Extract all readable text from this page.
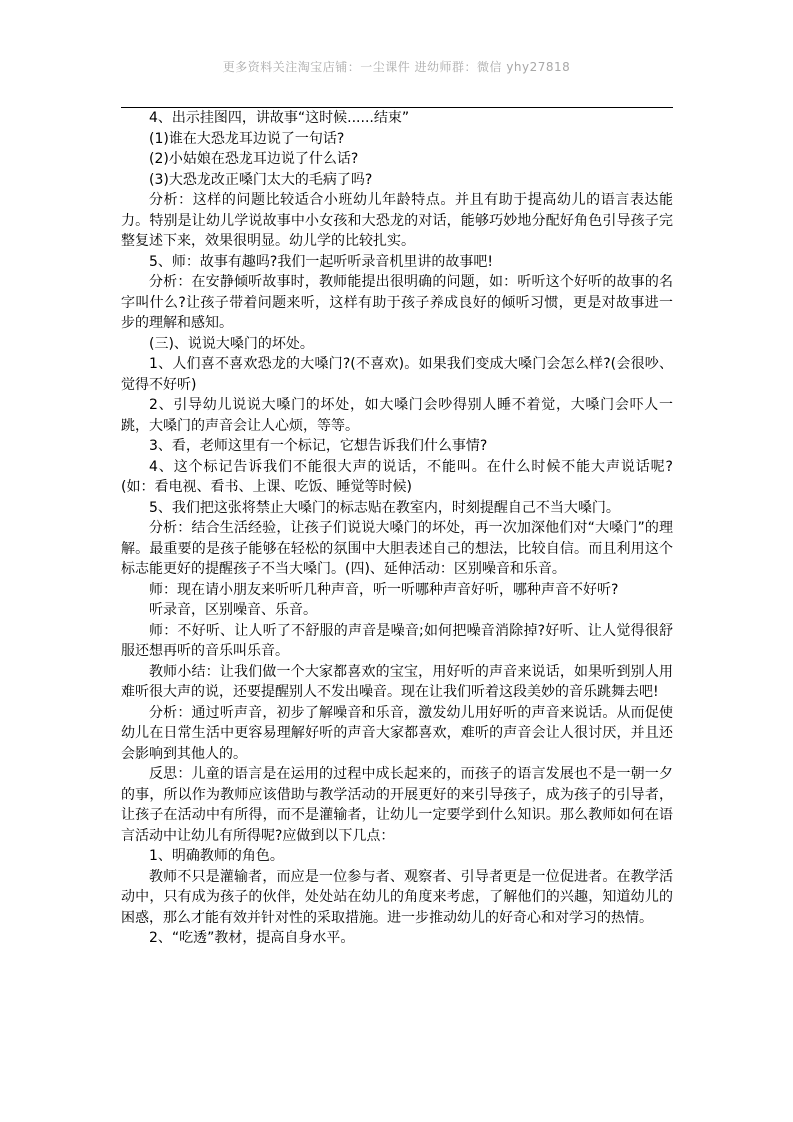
更多资料关注淘宝店铺：一尘课件 进幼师群：微信 yhy27818

4、出示挂图四，讲故事“这时候......结束”

(1)谁在大恐龙耳边说了一句话?

(2)小姑娘在恐龙耳边说了什么话?

(3)大恐龙改正嗓门太大的毛病了吗?

分析：这样的问题比较适合小班幼儿年龄特点。并且有助于提高幼儿的语言表达能力。特别是让幼儿学说故事中小女孩和大恐龙的对话，能够巧妙地分配好角色引导孩子完整复述下来，效果很明显。幼儿学的比较扎实。

5、师：故事有趣吗?我们一起听听录音机里讲的故事吧!

分析：在安静倾听故事时，教师能提出很明确的问题，如：听听这个好听的故事的名字叫什么?让孩子带着问题来听，这样有助于孩子养成良好的倾听习惯，更是对故事进一步的理解和感知。

(三)、说说大嗓门的坏处。

1、人们喜不喜欢恐龙的大嗓门?(不喜欢)。如果我们变成大嗓门会怎么样?(会很吵、觉得不好听)

2、引导幼儿说说大嗓门的坏处，如大嗓门会吵得别人睡不着觉，大嗓门会吓人一跳，大嗓门的声音会让人心烦，等等。

3、看，老师这里有一个标记，它想告诉我们什么事情?

4、这个标记告诉我们不能很大声的说话，不能叫。在什么时候不能大声说话呢?(如：看电视、看书、上课、吃饭、睡觉等时候)

5、我们把这张将禁止大嗓门的标志贴在教室内，时刻提醒自己不当大嗓门。

分析：结合生活经验，让孩子们说说大嗓门的坏处，再一次加深他们对“大嗓门”的理解。最重要的是孩子能够在轻松的氛围中大胆表述自己的想法，比较自信。而且利用这个标志能更好的提醒孩子不当大嗓门。(四)、延伸活动：区别噪音和乐音。

师：现在请小朋友来听听几种声音，听一听哪种声音好听，哪种声音不好听?

听录音，区别噪音、乐音。

师：不好听、让人听了不舒服的声音是噪音;如何把噪音消除掉?好听、让人觉得很舒服还想再听的音乐叫乐音。

教师小结：让我们做一个大家都喜欢的宝宝，用好听的声音来说话，如果听到别人用难听很大声的说，还要提醒别人不发出噪音。现在让我们听着这段美妙的音乐跳舞去吧!

分析：通过听声音，初步了解噪音和乐音，激发幼儿用好听的声音来说话。从而促使幼儿在日常生活中更容易理解好听的声音大家都喜欢，难听的声音会让人很讨厌，并且还会影响到其他人的。

反思：儿童的语言是在运用的过程中成长起来的，而孩子的语言发展也不是一朝一夕的事，所以作为教师应该借助与教学活动的开展更好的来引导孩子，成为孩子的引导者，让孩子在活动中有所得，而不是灌输者，让幼儿一定要学到什么知识。那么教师如何在语言活动中让幼儿有所得呢?应做到以下几点：

1、明确教师的角色。

教师不只是灌输者，而应是一位参与者、观察者、引导者更是一位促进者。在教学活动中，只有成为孩子的伙伴，处处站在幼儿的角度来考虑，了解他们的兴趣，知道幼儿的困惑，那么才能有效并针对性的采取措施。进一步推动幼儿的好奇心和对学习的热情。

2、“吃透”教材，提高自身水平。
